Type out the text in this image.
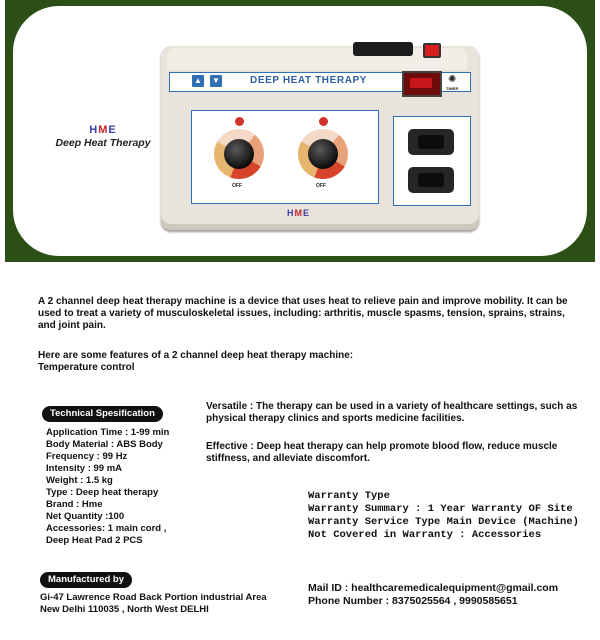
HME
Deep Heat Therapy
▲ ▼	DEEP HEAT THERAPY	✺
TIMER
OFF	OFF
HME
A 2 channel deep heat therapy machine is a device that uses heat to relieve pain and improve mobility. It can be used to treat a variety of musculoskeletal issues, including: arthritis, muscle spasms, tension, sprains, strains, and joint pain.
Here are some features of a 2 channel deep heat therapy machine:
Temperature control
Technical Spesification
Application Time : 1-99 min
Body Material : ABS Body
Frequency : 99 Hz
Intensity : 99 mA
Weight : 1.5 kg
Type : Deep heat therapy
Brand : Hme
Net Quantity :100
Accessories: 1 main cord ,
Deep Heat Pad 2 PCS
Versatile : The therapy can be used in a variety of healthcare settings, such as physical therapy clinics and sports medicine facilities.
Effective : Deep heat therapy can help promote blood flow, reduce muscle stiffness, and alleviate discomfort.
Warranty Type
Warranty Summary : 1 Year Warranty OF Site
Warranty Service Type Main Device (Machine)
Not Covered in Warranty : Accessories
Manufactured by
Gi-47 Lawrence Road Back Portion industrial Area
New Delhi 110035 , North West DELHI
Mail ID : healthcaremedicalequipment@gmail.com
Phone Number : 8375025564 , 9990585651
